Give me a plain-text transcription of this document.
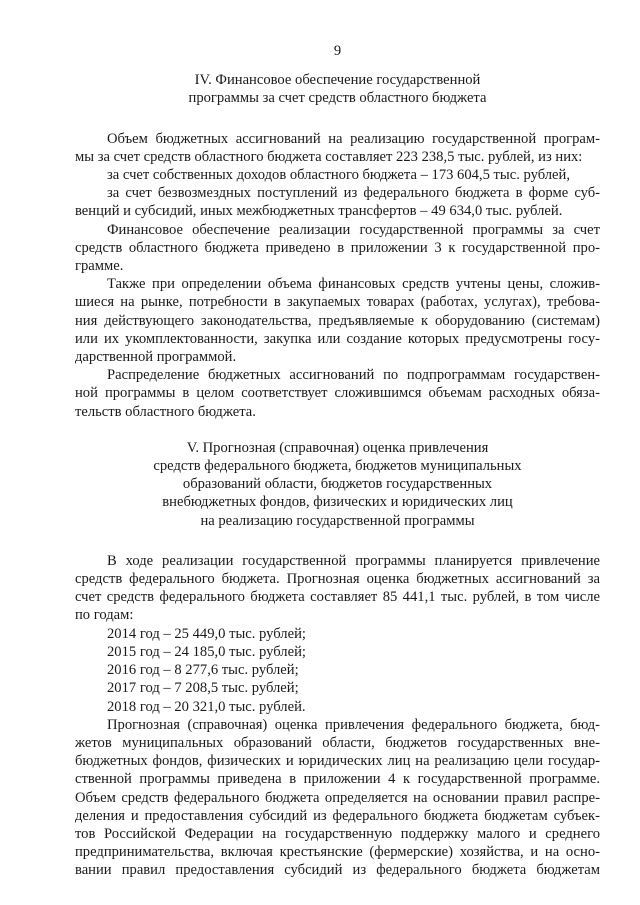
9
IV. Финансовое обеспечение государственной
программы за счет средств областного бюджета
Объем бюджетных ассигнований на реализацию государственной програм-
мы за счет средств областного бюджета составляет 223 238,5 тыс. рублей, из них:
за счет собственных доходов областного бюджета – 173 604,5 тыс. рублей,
за счет безвозмездных поступлений из федерального бюджета в форме суб-
венций и субсидий, иных межбюджетных трансфертов – 49 634,0 тыс. рублей.
Финансовое обеспечение реализации государственной программы за счет
средств областного бюджета приведено в приложении 3 к государственной про-
грамме.
Также при определении объема финансовых средств учтены цены, сложив-
шиеся на рынке, потребности в закупаемых товарах (работах, услугах), требова-
ния действующего законодательства, предъявляемые к оборудованию (системам)
или их укомплектованности, закупка или создание которых предусмотрены госу-
дарственной программой.
Распределение бюджетных ассигнований по подпрограммам государствен-
ной программы в целом соответствует сложившимся объемам расходных обяза-
тельств областного бюджета.
V. Прогнозная (справочная) оценка привлечения
средств федерального бюджета, бюджетов муниципальных
образований области, бюджетов государственных
внебюджетных фондов, физических и юридических лиц
на реализацию государственной программы
В ходе реализации государственной программы планируется привлечение
средств федерального бюджета. Прогнозная оценка бюджетных ассигнований за
счет средств федерального бюджета составляет 85 441,1 тыс. рублей, в том числе
по годам:
2014 год – 25 449,0 тыс. рублей;
2015 год – 24 185,0 тыс. рублей;
2016 год – 8 277,6 тыс. рублей;
2017 год – 7 208,5 тыс. рублей;
2018 год – 20 321,0 тыс. рублей.
Прогнозная (справочная) оценка привлечения федерального бюджета, бюд-
жетов муниципальных образований области, бюджетов государственных вне-
бюджетных фондов, физических и юридических лиц на реализацию цели государ-
ственной программы приведена в приложении 4 к государственной программе.
Объем средств федерального бюджета определяется на основании правил распре-
деления и предоставления субсидий из федерального бюджета бюджетам субъек-
тов Российской Федерации на государственную поддержку малого и среднего
предпринимательства, включая крестьянские (фермерские) хозяйства, и на осно-
вании правил предоставления субсидий из федерального бюджета бюджетам
